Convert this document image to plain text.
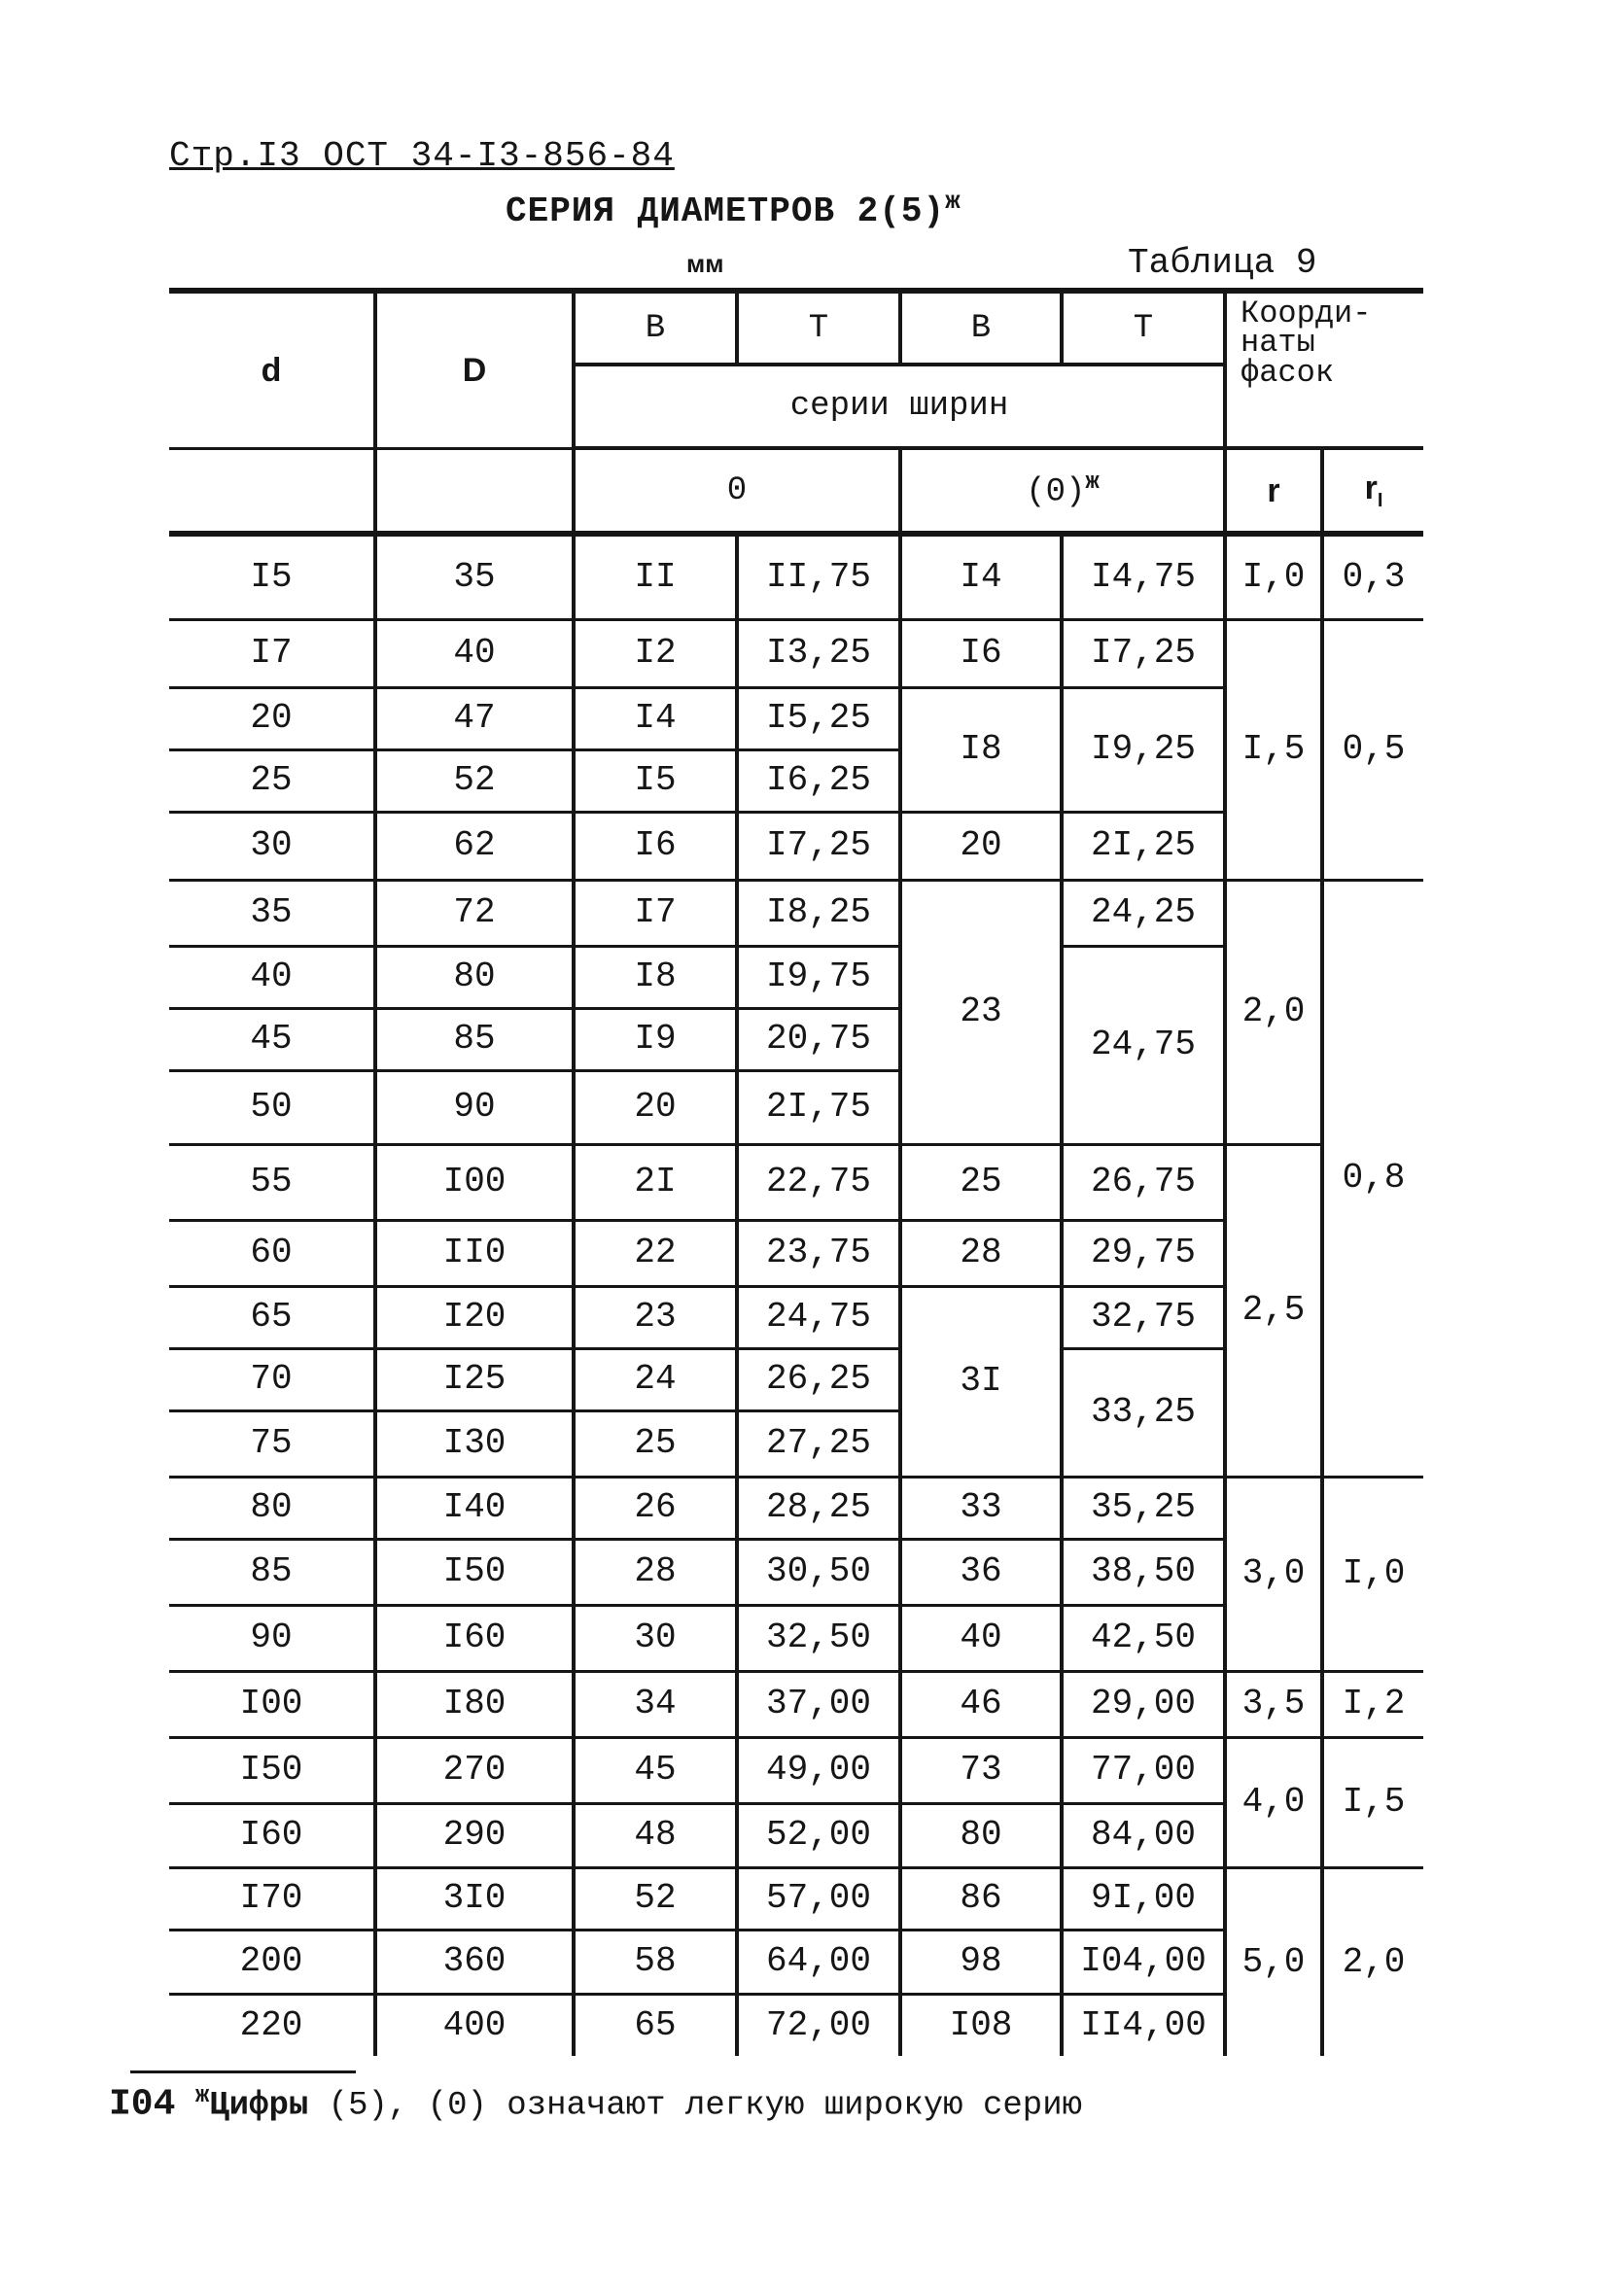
Стр.I3 ОСТ 34-I3-856-84
СЕРИЯ ДИАМЕТРОВ $2(5)^ж$
мм	Таблица 9
d	D	B	T	B	T	Коорди-
наты
фасок	

		серии ширин					
		0		$(0)^ж$		r	$r_I$
I5	35	II	II,75	I4	I4,75	I,0	0,3
I7	40	I2	I3,25	I6	I7,25	I,5	0,5
20	47	I4	I5,25	I8	I9,25		
25	52	I5	I6,25				
30	62	I6	I7,25	20	2I,25		
35	72	I7	I8,25	23	24,25	2,0	0,8
40	80	I8	I9,75		24,75		
45	85	I9	20,75				
50	90	20	2I,75				
55	I00	2I	22,75	25	26,75	2,5	
60	II0	22	23,75	28	29,75		
65	I20	23	24,75	3I	32,75		
70	I25	24	26,25		33,25		
75	I30	25	27,25				
80	I40	26	28,25	33	35,25	3,0	I,0
85	I50	28	30,50	36	38,50		
90	I60	30	32,50	40	42,50		
I00	I80	34	37,00	46	29,00	3,5	I,2
I50	270	45	49,00	73	77,00	4,0	I,5
I60	290	48	52,00	80	84,00		
I70	3I0	52	57,00	86	9I,00	5,0	2,0
200	360	58	64,00	98	I04,00		
220	400	65	72,00	I08	II4,00		
I04 $^ж$Цифры (5), (0) означают легкую широкую серию
